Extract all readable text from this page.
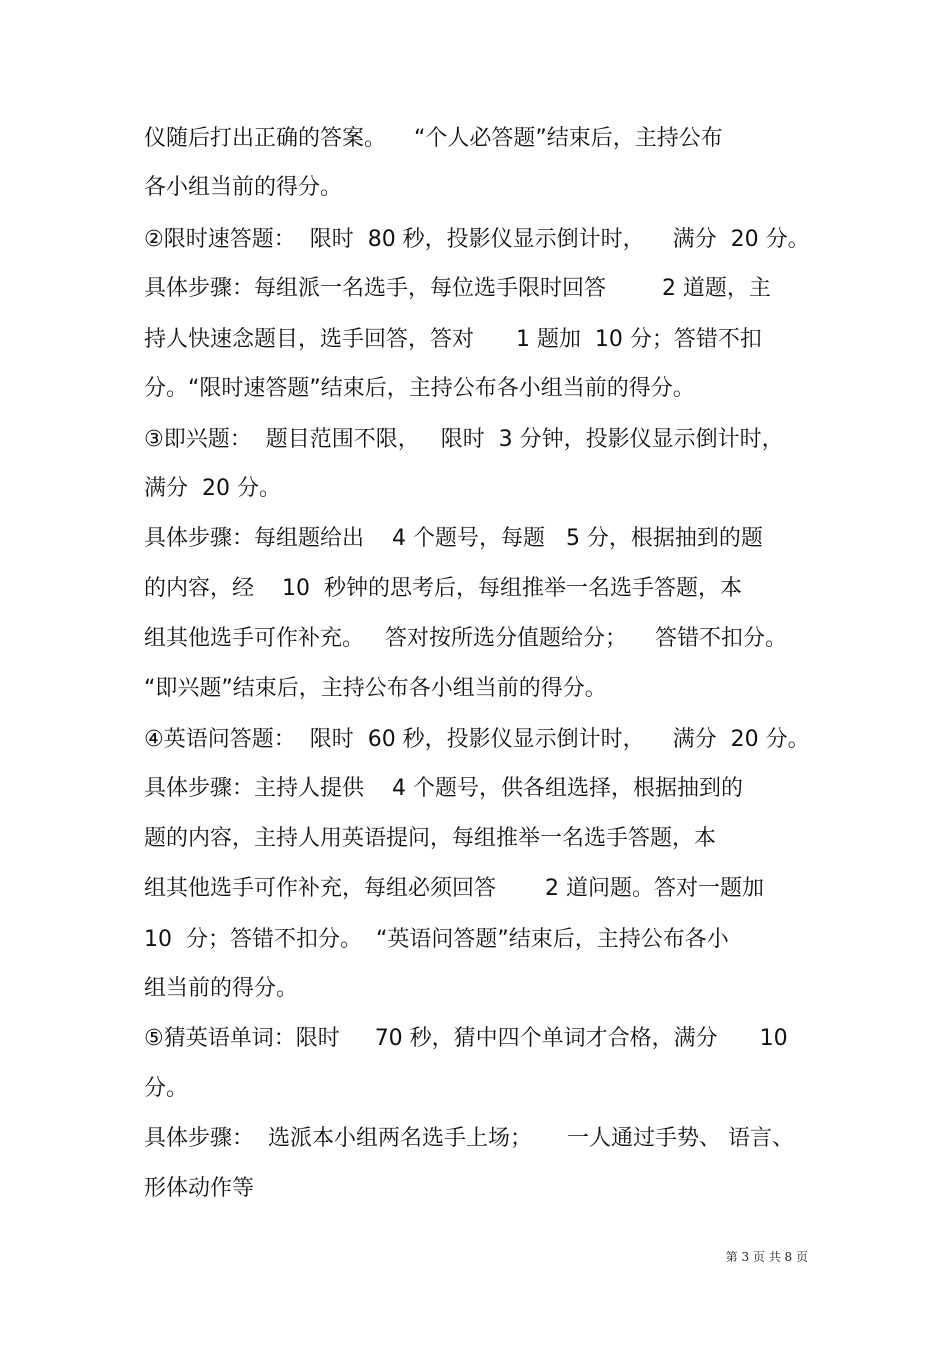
仪随后打出正确的答案。    “个人必答题”结束后，主持公布
各小组当前的得分。
②限时速答题：  限时  80 秒，投影仪显示倒计时，    满分  20 分。
具体步骤：每组派一名选手，每位选手限时回答        2 道题，主
持人快速念题目，选手回答，答对      1 题加  10 分；答错不扣
分。“限时速答题”结束后，主持公布各小组当前的得分。
③即兴题：  题目范围不限，   限时  3 分钟，投影仪显示倒计时，
满分  20 分。
具体步骤：每组题给出    4 个题号，每题   5 分，根据抽到的题
的内容，经    10  秒钟的思考后，每组推举一名选手答题，本
组其他选手可作补充。   答对按所选分值题给分；    答错不扣分。
“即兴题”结束后，主持公布各小组当前的得分。
④英语问答题：  限时  60 秒，投影仪显示倒计时，    满分  20 分。
具体步骤：主持人提供    4 个题号，供各组选择，根据抽到的
题的内容，主持人用英语提问，每组推举一名选手答题，本
组其他选手可作补充，每组必须回答       2 道问题。答对一题加
10  分；答错不扣分。  “英语问答题”结束后，主持公布各小
组当前的得分。
⑤猜英语单词：限时     70 秒，猜中四个单词才合格，满分      10
分。
具体步骤：  选派本小组两名选手上场；     一人通过手势、 语言、
形体动作等
第 3 页 共 8 页
